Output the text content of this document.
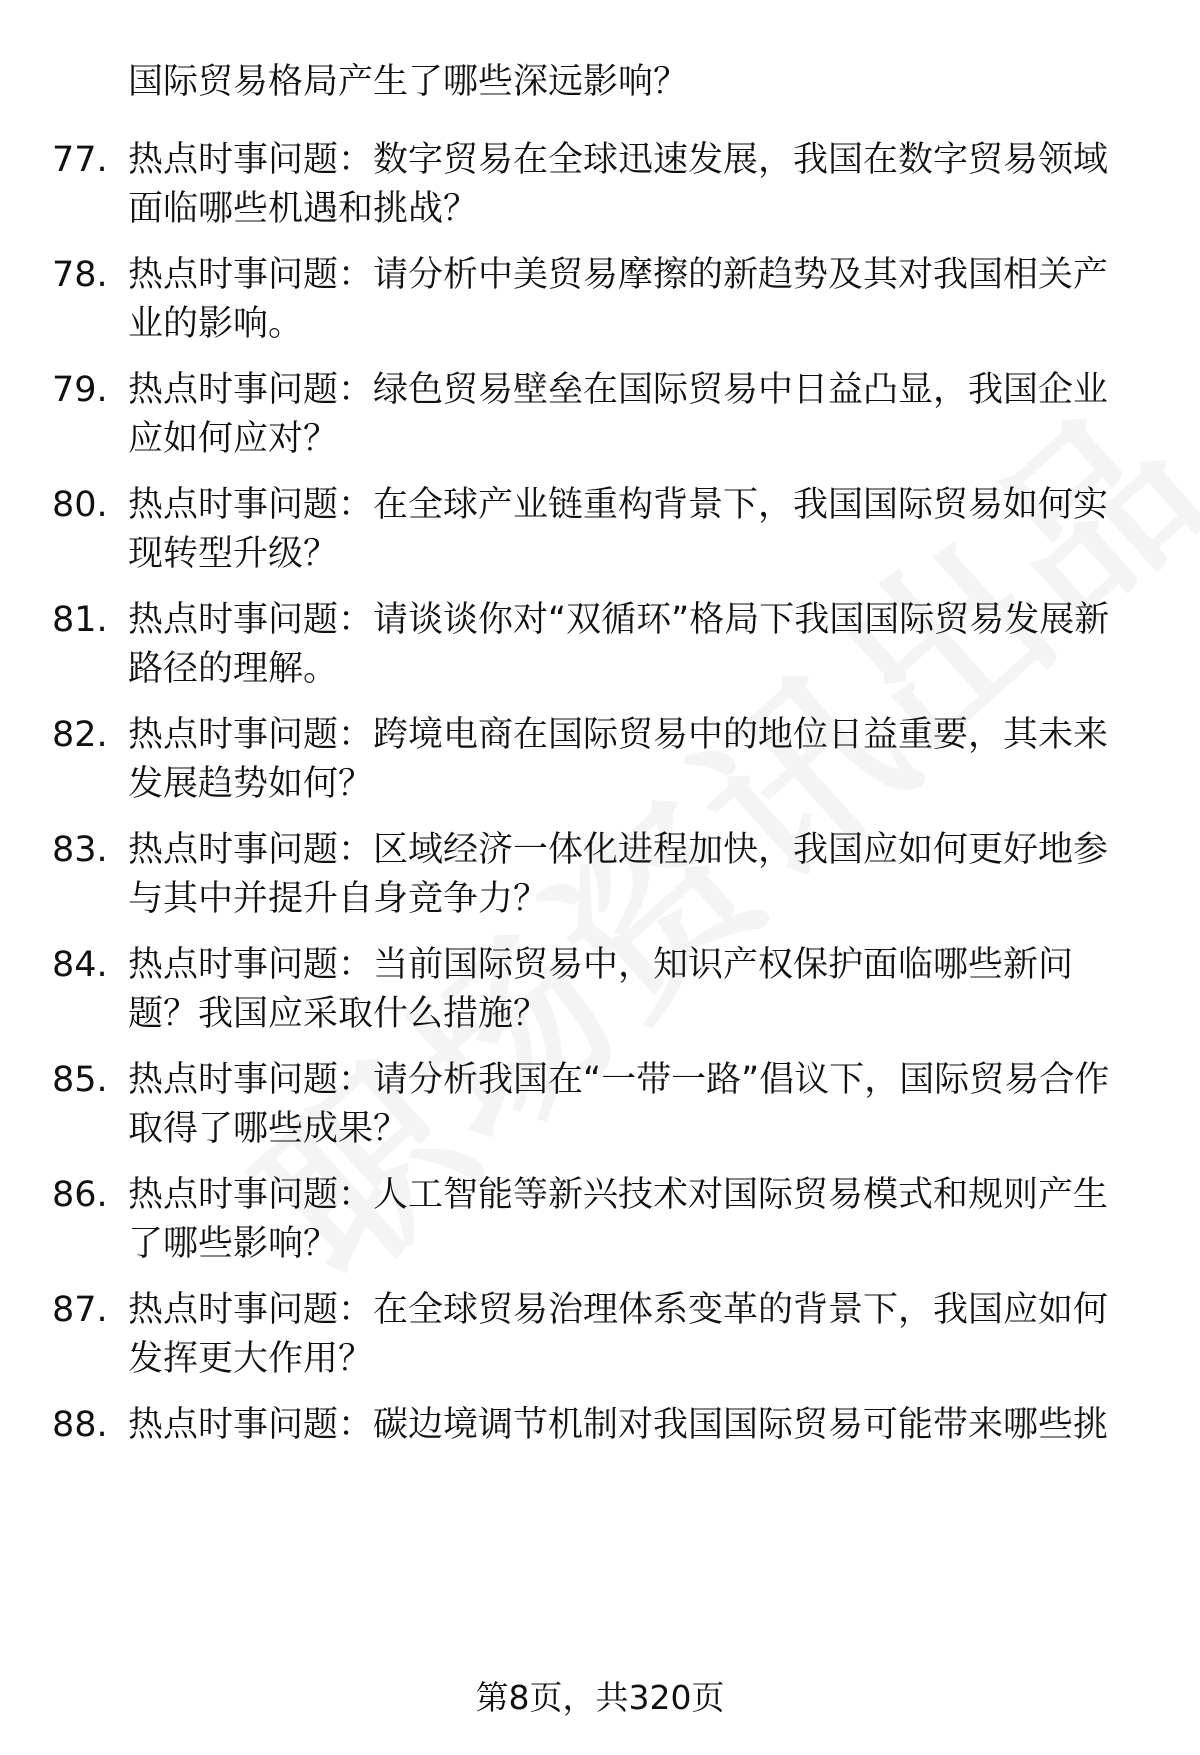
国际贸易格局产生了哪些深远影响？
77. 热点时事问题：数字贸易在全球迅速发展，我国在数字贸易领域面临哪些机遇和挑战？
78. 热点时事问题：请分析中美贸易摩擦的新趋势及其对我国相关产业的影响。
79. 热点时事问题：绿色贸易壁垒在国际贸易中日益凸显，我国企业应如何应对？
80. 热点时事问题：在全球产业链重构背景下，我国国际贸易如何实现转型升级？
81. 热点时事问题：请谈谈你对“双循环”格局下我国国际贸易发展新路径的理解。
82. 热点时事问题：跨境电商在国际贸易中的地位日益重要，其未来发展趋势如何？
83. 热点时事问题：区域经济一体化进程加快，我国应如何更好地参与其中并提升自身竞争力？
84. 热点时事问题：当前国际贸易中，知识产权保护面临哪些新问题？我国应采取什么措施？
85. 热点时事问题：请分析我国在“一带一路”倡议下，国际贸易合作取得了哪些成果？
86. 热点时事问题：人工智能等新兴技术对国际贸易模式和规则产生了哪些影响？
87. 热点时事问题：在全球贸易治理体系变革的背景下，我国应如何发挥更大作用？
88. 热点时事问题：碳边境调节机制对我国国际贸易可能带来哪些挑
第8页，共320页
